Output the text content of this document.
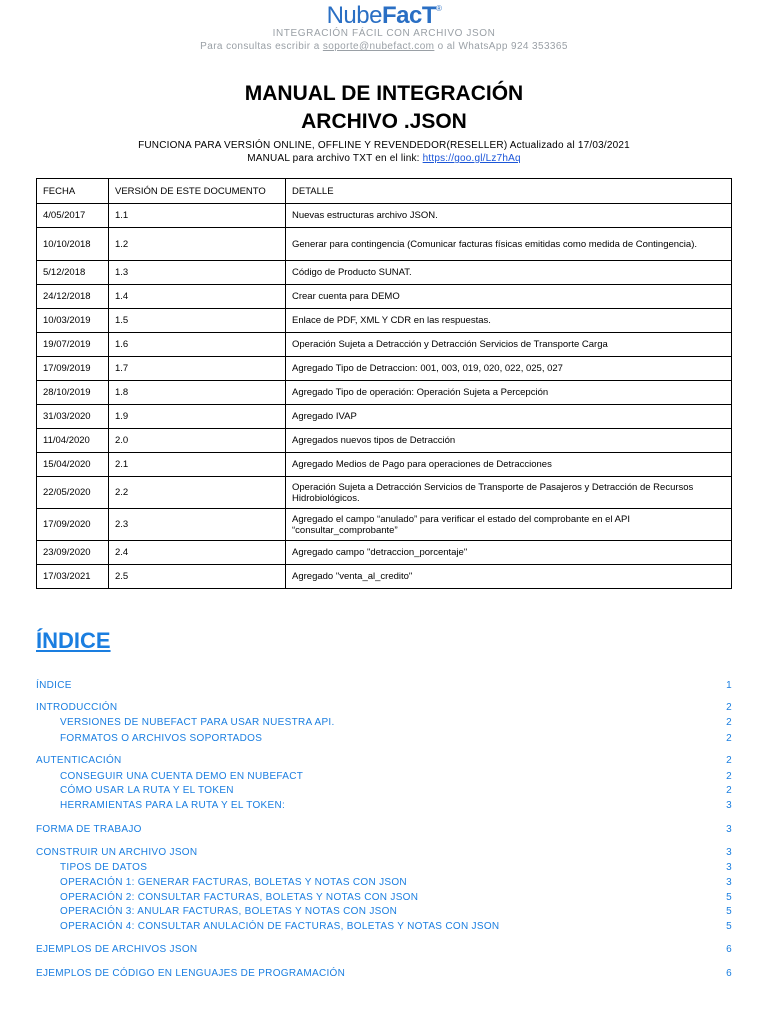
NubeFacT®
INTEGRACIÓN FÁCIL CON ARCHIVO JSON
Para consultas escribir a soporte@nubefact.com o al WhatsApp 924 353365
MANUAL DE INTEGRACIÓN
ARCHIVO .JSON
FUNCIONA PARA VERSIÓN ONLINE, OFFLINE Y REVENDEDOR(RESELLER) Actualizado al 17/03/2021
MANUAL para archivo TXT en el link: https://goo.gl/Lz7hAq
FECHA	VERSIÓN DE ESTE DOCUMENTO	DETALLE
4/05/2017	1.1	Nuevas estructuras archivo JSON.
10/10/2018	1.2	Generar para contingencia (Comunicar facturas físicas emitidas como medida de Contingencia).
5/12/2018	1.3	Código de Producto SUNAT.
24/12/2018	1.4	Crear cuenta para DEMO
10/03/2019	1.5	Enlace de PDF, XML Y CDR en las respuestas.
19/07/2019	1.6	Operación Sujeta a Detracción y Detracción Servicios de Transporte Carga
17/09/2019	1.7	Agregado Tipo de Detraccion: 001, 003, 019, 020, 022, 025, 027
28/10/2019	1.8	Agregado Tipo de operación: Operación Sujeta a Percepción
31/03/2020	1.9	Agregado IVAP
11/04/2020	2.0	Agregados nuevos tipos de Detracción
15/04/2020	2.1	Agregado Medios de Pago para operaciones de Detracciones
22/05/2020	2.2	Operación Sujeta a Detracción Servicios de Transporte de Pasajeros y Detracción de Recursos Hidrobiológicos.
17/09/2020	2.3	Agregado el campo “anulado” para verificar el estado del comprobante en el API “consultar_comprobante”
23/09/2020	2.4	Agregado campo "detraccion_porcentaje"
17/03/2021	2.5	Agregado "venta_al_credito"
ÍNDICE
ÍNDICE	1
INTRODUCCIÓN	2
VERSIONES DE NUBEFACT PARA USAR NUESTRA API.	2
FORMATOS O ARCHIVOS SOPORTADOS	2
AUTENTICACIÓN	2
CONSEGUIR UNA CUENTA DEMO EN NUBEFACT	2
CÓMO USAR LA RUTA Y EL TOKEN	2
HERRAMIENTAS PARA LA RUTA Y EL TOKEN:	3
FORMA DE TRABAJO	3
CONSTRUIR UN ARCHIVO JSON	3
TIPOS DE DATOS	3
OPERACIÓN 1: GENERAR FACTURAS, BOLETAS Y NOTAS CON JSON	3
OPERACIÓN 2: CONSULTAR FACTURAS, BOLETAS Y NOTAS CON JSON	5
OPERACIÓN 3: ANULAR FACTURAS, BOLETAS Y NOTAS CON JSON	5
OPERACIÓN 4: CONSULTAR ANULACIÓN DE FACTURAS, BOLETAS Y NOTAS CON JSON	5
EJEMPLOS DE ARCHIVOS JSON	6
EJEMPLOS DE CÓDIGO EN LENGUAJES DE PROGRAMACIÓN	6
